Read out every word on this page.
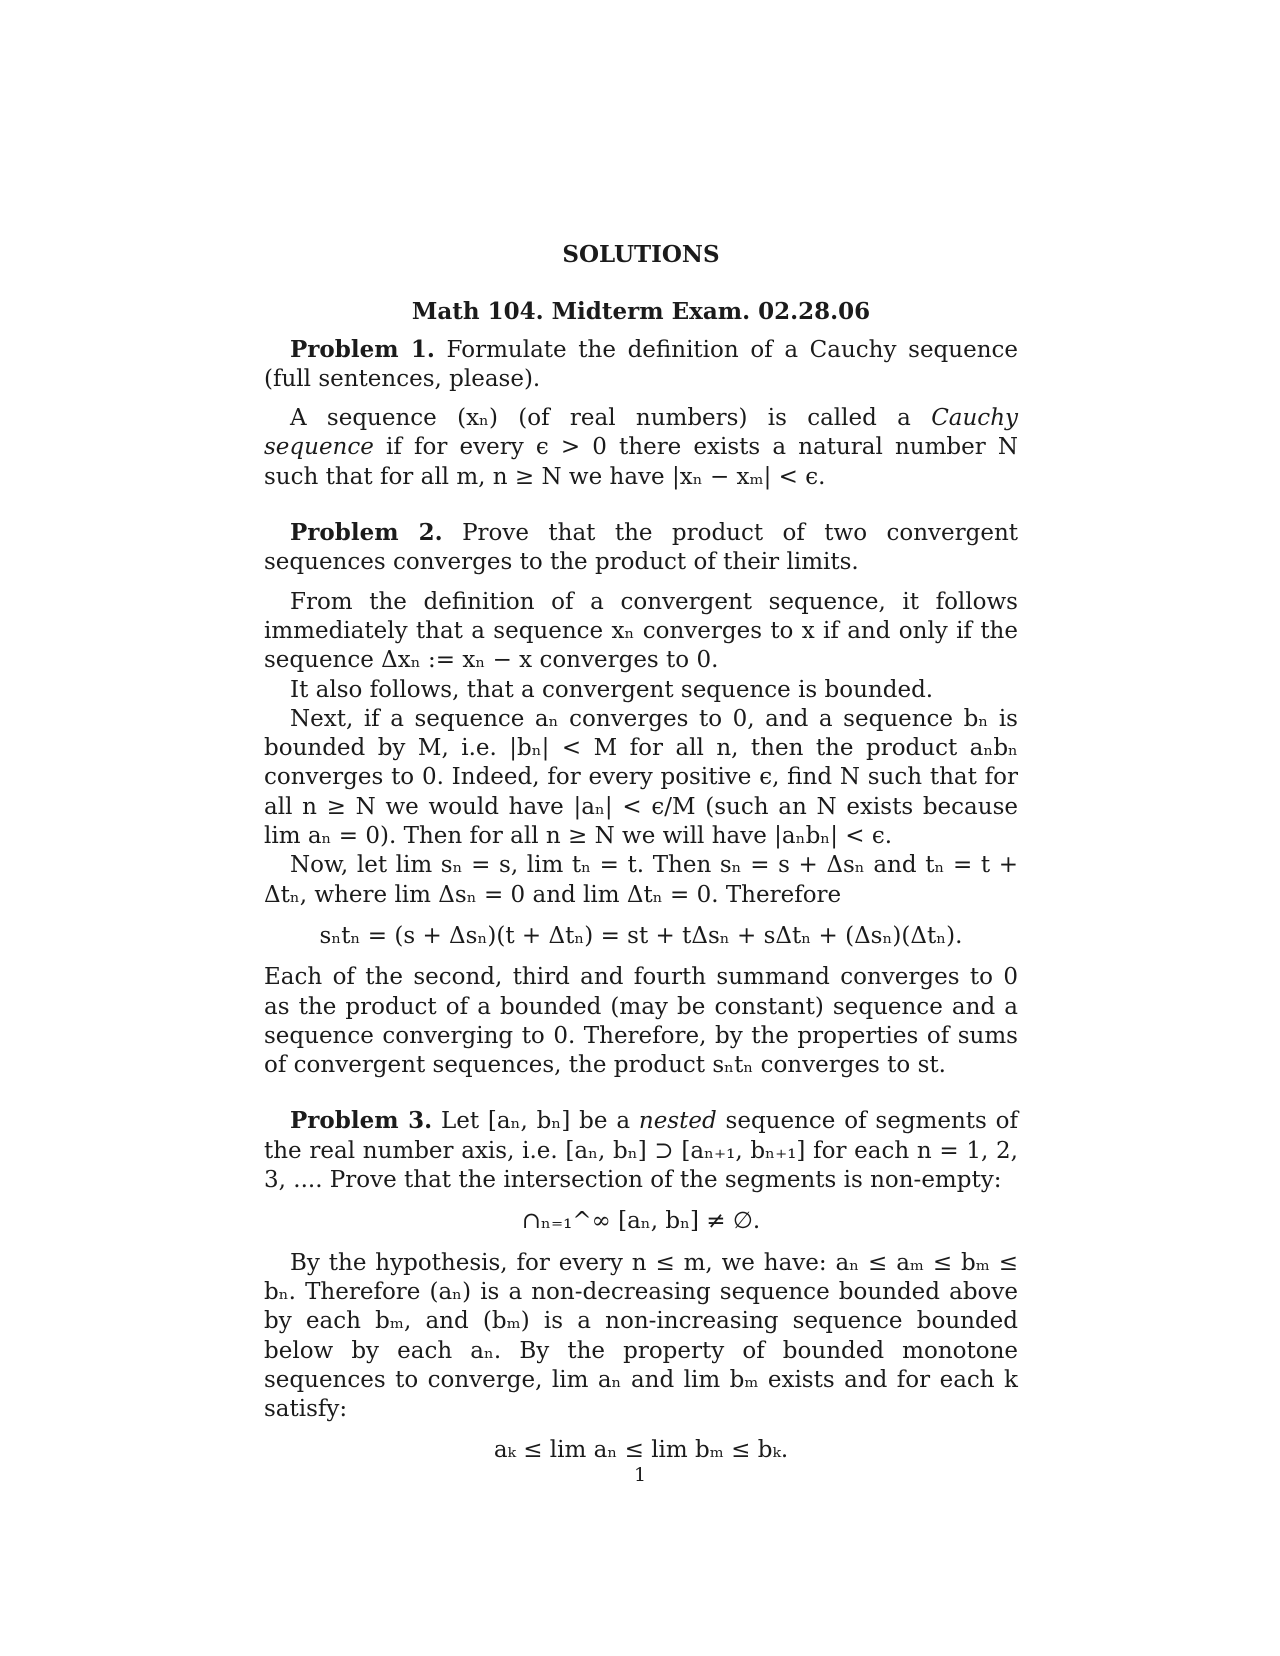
SOLUTIONS
Math 104. Midterm Exam. 02.28.06

Problem 1. Formulate the definition of a Cauchy sequence (full sentences, please).

A sequence (xₙ) (of real numbers) is called a Cauchy sequence if for every ϵ > 0 there exists a natural number N such that for all m, n ≥ N we have |xₙ − xₘ| < ϵ.

Problem 2. Prove that the product of two convergent sequences converges to the product of their limits.

From the definition of a convergent sequence, it follows immediately that a sequence xₙ converges to x if and only if the sequence Δxₙ := xₙ − x converges to 0.

It also follows, that a convergent sequence is bounded.

Next, if a sequence aₙ converges to 0, and a sequence bₙ is bounded by M, i.e. |bₙ| < M for all n, then the product aₙbₙ converges to 0. Indeed, for every positive ϵ, find N such that for all n ≥ N we would have |aₙ| < ϵ/M (such an N exists because lim aₙ = 0). Then for all n ≥ N we will have |aₙbₙ| < ϵ.

Now, let lim sₙ = s, lim tₙ = t. Then sₙ = s + Δsₙ and tₙ = t + Δtₙ, where lim Δsₙ = 0 and lim Δtₙ = 0. Therefore

sₙtₙ = (s + Δsₙ)(t + Δtₙ) = st + tΔsₙ + sΔtₙ + (Δsₙ)(Δtₙ).

Each of the second, third and fourth summand converges to 0 as the product of a bounded (may be constant) sequence and a sequence converging to 0. Therefore, by the properties of sums of convergent sequences, the product sₙtₙ converges to st.

Problem 3. Let [aₙ, bₙ] be a nested sequence of segments of the real number axis, i.e. [aₙ, bₙ] ⊃ [aₙ₊₁, bₙ₊₁] for each n = 1, 2, 3, .... Prove that the intersection of the segments is non-empty:

∩ₙ₌₁^∞ [aₙ, bₙ] ≠ ∅.

By the hypothesis, for every n ≤ m, we have: aₙ ≤ aₘ ≤ bₘ ≤ bₙ. Therefore (aₙ) is a non-decreasing sequence bounded above by each bₘ, and (bₘ) is a non-increasing sequence bounded below by each aₙ. By the property of bounded monotone sequences to converge, lim aₙ and lim bₘ exists and for each k satisfy:

aₖ ≤ lim aₙ ≤ lim bₘ ≤ bₖ.
1
